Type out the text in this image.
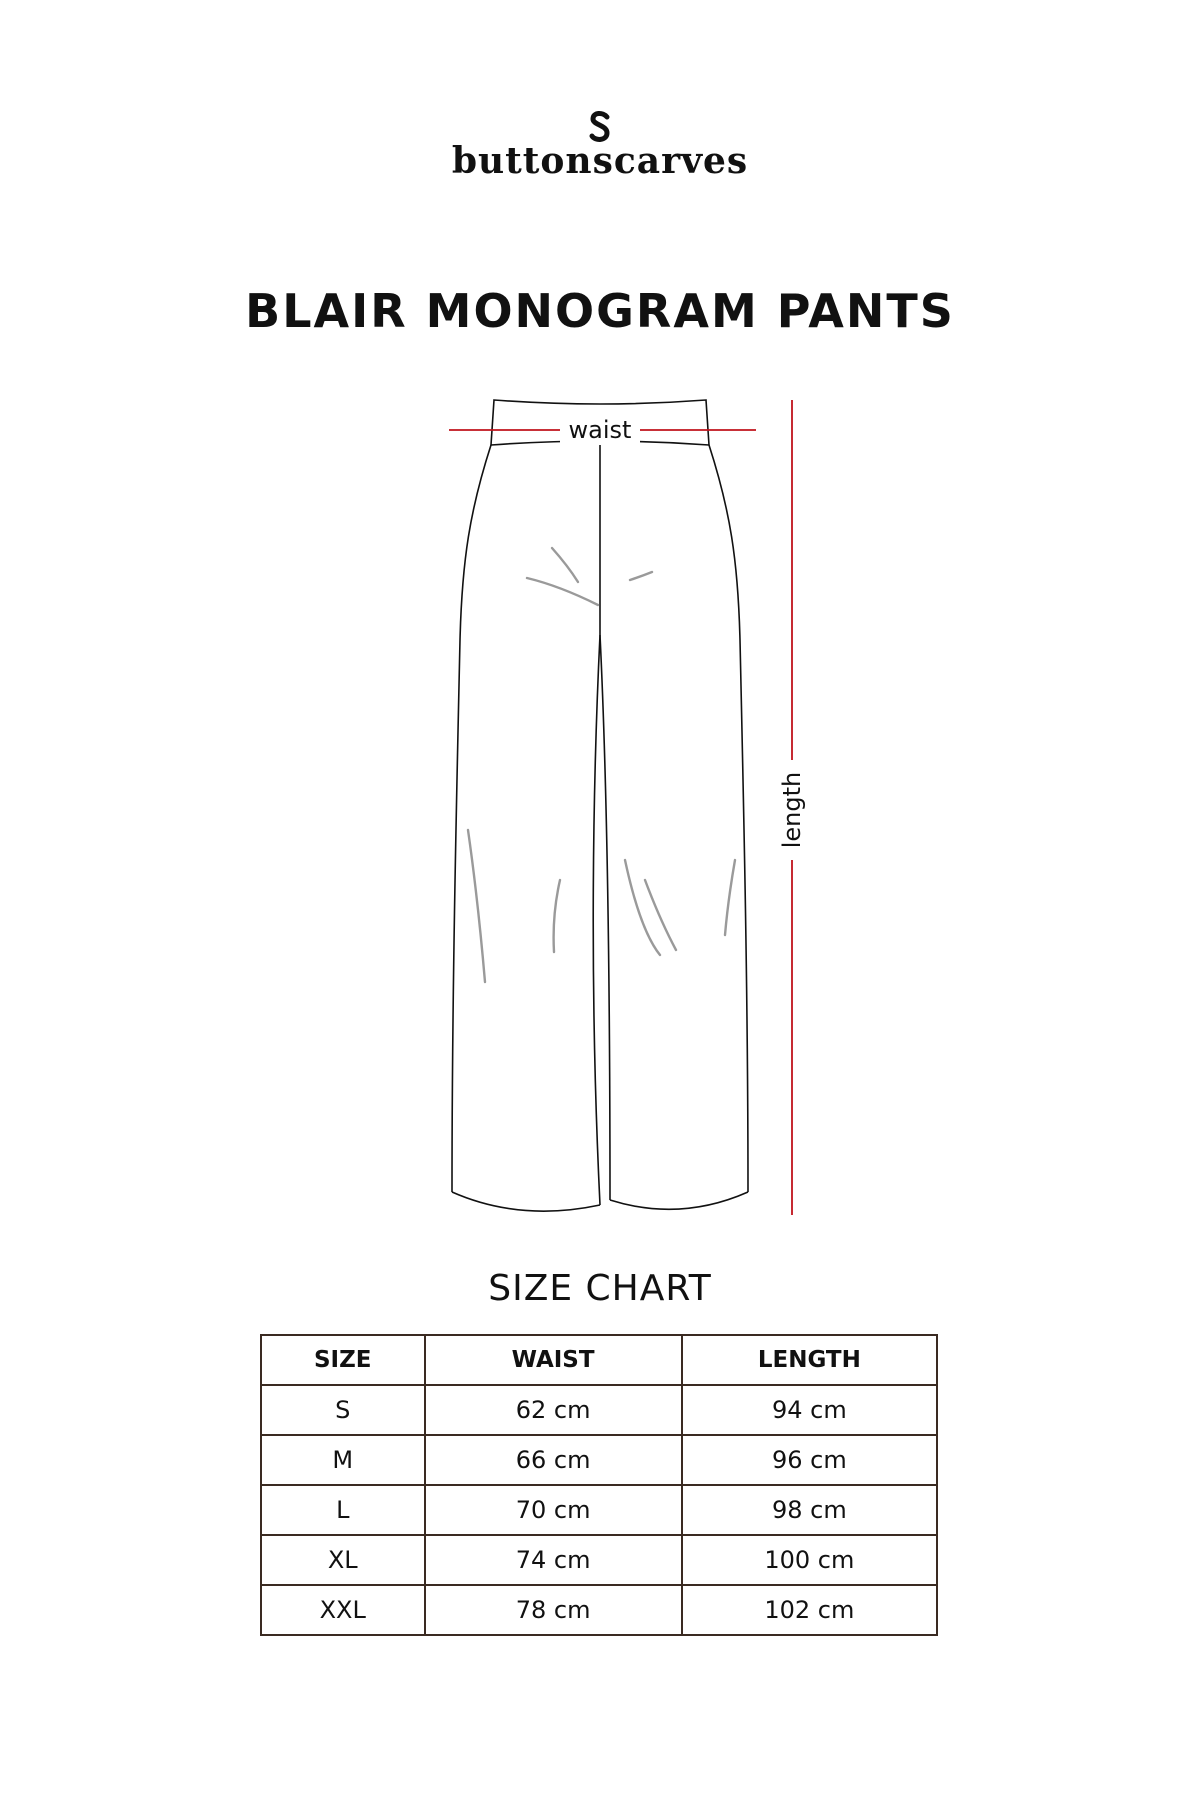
buttonscarves
BLAIR MONOGRAM PANTS
waist
length
SIZE CHART
SIZE	WAIST	LENGTH
S	62 cm	94 cm
M	66 cm	96 cm
L	70 cm	98 cm
XL	74 cm	100 cm
XXL	78 cm	102 cm
